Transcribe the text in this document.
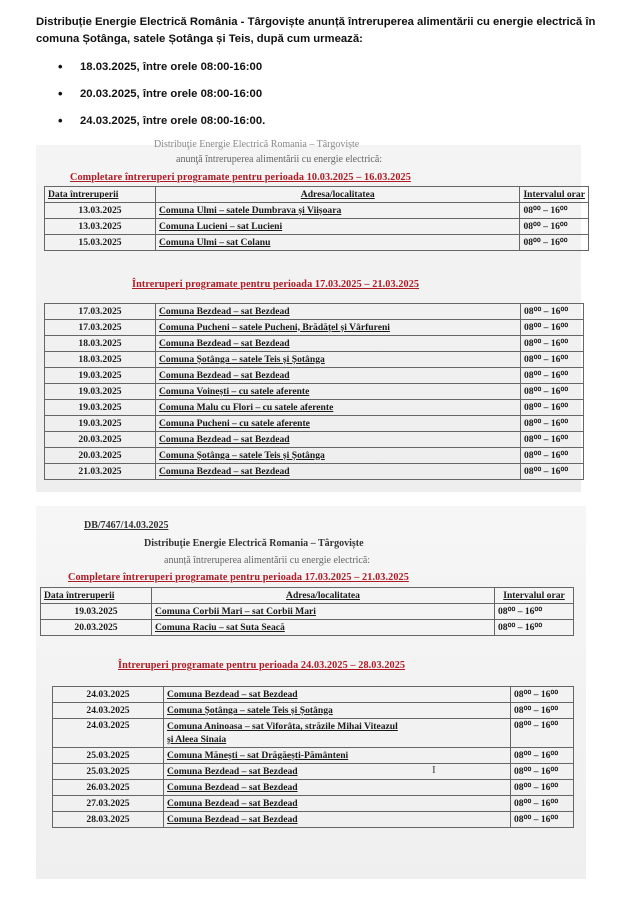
Distribuție Energie Electrică România - Târgoviște anunță întreruperea alimentării cu energie electrică în comuna Șotânga, satele Șotânga și Teis, după cum urmează:
• 18.03.2025, între orele 08:00-16:00
• 20.03.2025, între orele 08:00-16:00
• 24.03.2025, între orele 08:00-16:00.
Distribuţie Energie Electrică Romania – Târgoviște
anunţă întreruperea alimentării cu energie electrică:
Completare întreruperi programate pentru perioada 10.03.2025 – 16.03.2025
Data întreruperii	Adresa/localitatea	Intervalul orar
13.03.2025	Comuna Ulmi – satele Dumbrava și Viișoara	08⁰⁰ – 16⁰⁰
13.03.2025	Comuna Lucieni – sat Lucieni	08⁰⁰ – 16⁰⁰
15.03.2025	Comuna Ulmi – sat Colanu	08⁰⁰ – 16⁰⁰
Întreruperi programate pentru perioada 17.03.2025 – 21.03.2025
17.03.2025	Comuna Bezdead – sat Bezdead	08⁰⁰ – 16⁰⁰
17.03.2025	Comuna Pucheni – satele Pucheni, Brădățel și Vârfureni	08⁰⁰ – 16⁰⁰
18.03.2025	Comuna Bezdead – sat Bezdead	08⁰⁰ – 16⁰⁰
18.03.2025	Comuna Șotânga – satele Teis și Șotânga	08⁰⁰ – 16⁰⁰
19.03.2025	Comuna Bezdead – sat Bezdead	08⁰⁰ – 16⁰⁰
19.03.2025	Comuna Voinești – cu satele aferente	08⁰⁰ – 16⁰⁰
19.03.2025	Comuna Malu cu Flori – cu satele aferente	08⁰⁰ – 16⁰⁰
19.03.2025	Comuna Pucheni – cu satele aferente	08⁰⁰ – 16⁰⁰
20.03.2025	Comuna Bezdead – sat Bezdead	08⁰⁰ – 16⁰⁰
20.03.2025	Comuna Șotânga – satele Teis și Șotânga	08⁰⁰ – 16⁰⁰
21.03.2025	Comuna Bezdead – sat Bezdead	08⁰⁰ – 16⁰⁰
DB/7467/14.03.2025
Distribuţie Energie Electrică Romania – Târgoviște
anunță întreruperea alimentării cu energie electrică:
Completare întreruperi programate pentru perioada 17.03.2025 – 21.03.2025
Data întreruperii	Adresa/localitatea	Intervalul orar
19.03.2025	Comuna Corbii Mari – sat Corbii Mari	08⁰⁰ – 16⁰⁰
20.03.2025	Comuna Raciu – sat Suta Seacă	08⁰⁰ – 16⁰⁰
Întreruperi programate pentru perioada 24.03.2025 – 28.03.2025
24.03.2025	Comuna Bezdead – sat Bezdead	08⁰⁰ – 16⁰⁰
24.03.2025	Comuna Șotânga – satele Teis și Șotânga	08⁰⁰ – 16⁰⁰
24.03.2025	Comuna Aninoasa – sat Viforâta, străzile Mihai Viteazul
și Aleea Sinaia	08⁰⁰ – 16⁰⁰
25.03.2025	Comuna Mănești – sat Drăgăești-Pământeni	08⁰⁰ – 16⁰⁰
25.03.2025	Comuna Bezdead – sat Bezdead	08⁰⁰ – 16⁰⁰
26.03.2025	Comuna Bezdead – sat Bezdead	08⁰⁰ – 16⁰⁰
27.03.2025	Comuna Bezdead – sat Bezdead	08⁰⁰ – 16⁰⁰
28.03.2025	Comuna Bezdead – sat Bezdead	08⁰⁰ – 16⁰⁰
I
